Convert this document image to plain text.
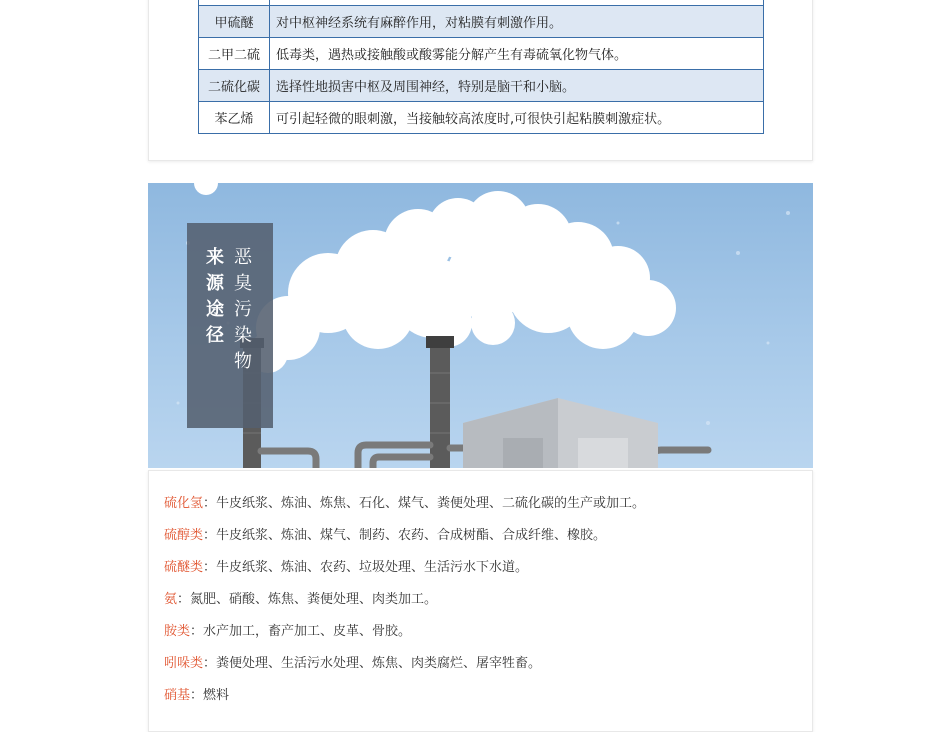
甲硫醚	对中枢神经系统有麻醉作用，对粘膜有刺激作用。
二甲二硫	低毒类，遇热或接触酸或酸雾能分解产生有毒硫氧化物气体。
二硫化碳	选择性地损害中枢及周围神经，特别是脑干和小脑。
苯乙烯	可引起轻微的眼刺激，当接触较高浓度时,可很快引起粘膜刺激症状。
来源途径
恶臭污染物
硫化氢：牛皮纸浆、炼油、炼焦、石化、煤气、粪便处理、二硫化碳的生产或加工。
硫醇类：牛皮纸浆、炼油、煤气、制药、农药、合成树酯、合成纤维、橡胶。
硫醚类：牛皮纸浆、炼油、农药、垃圾处理、生活污水下水道。
氨：氮肥、硝酸、炼焦、粪便处理、肉类加工。
胺类：水产加工，畜产加工、皮革、骨胶。
吲哚类：粪便处理、生活污水处理、炼焦、肉类腐烂、屠宰牲畜。
硝基：燃料
